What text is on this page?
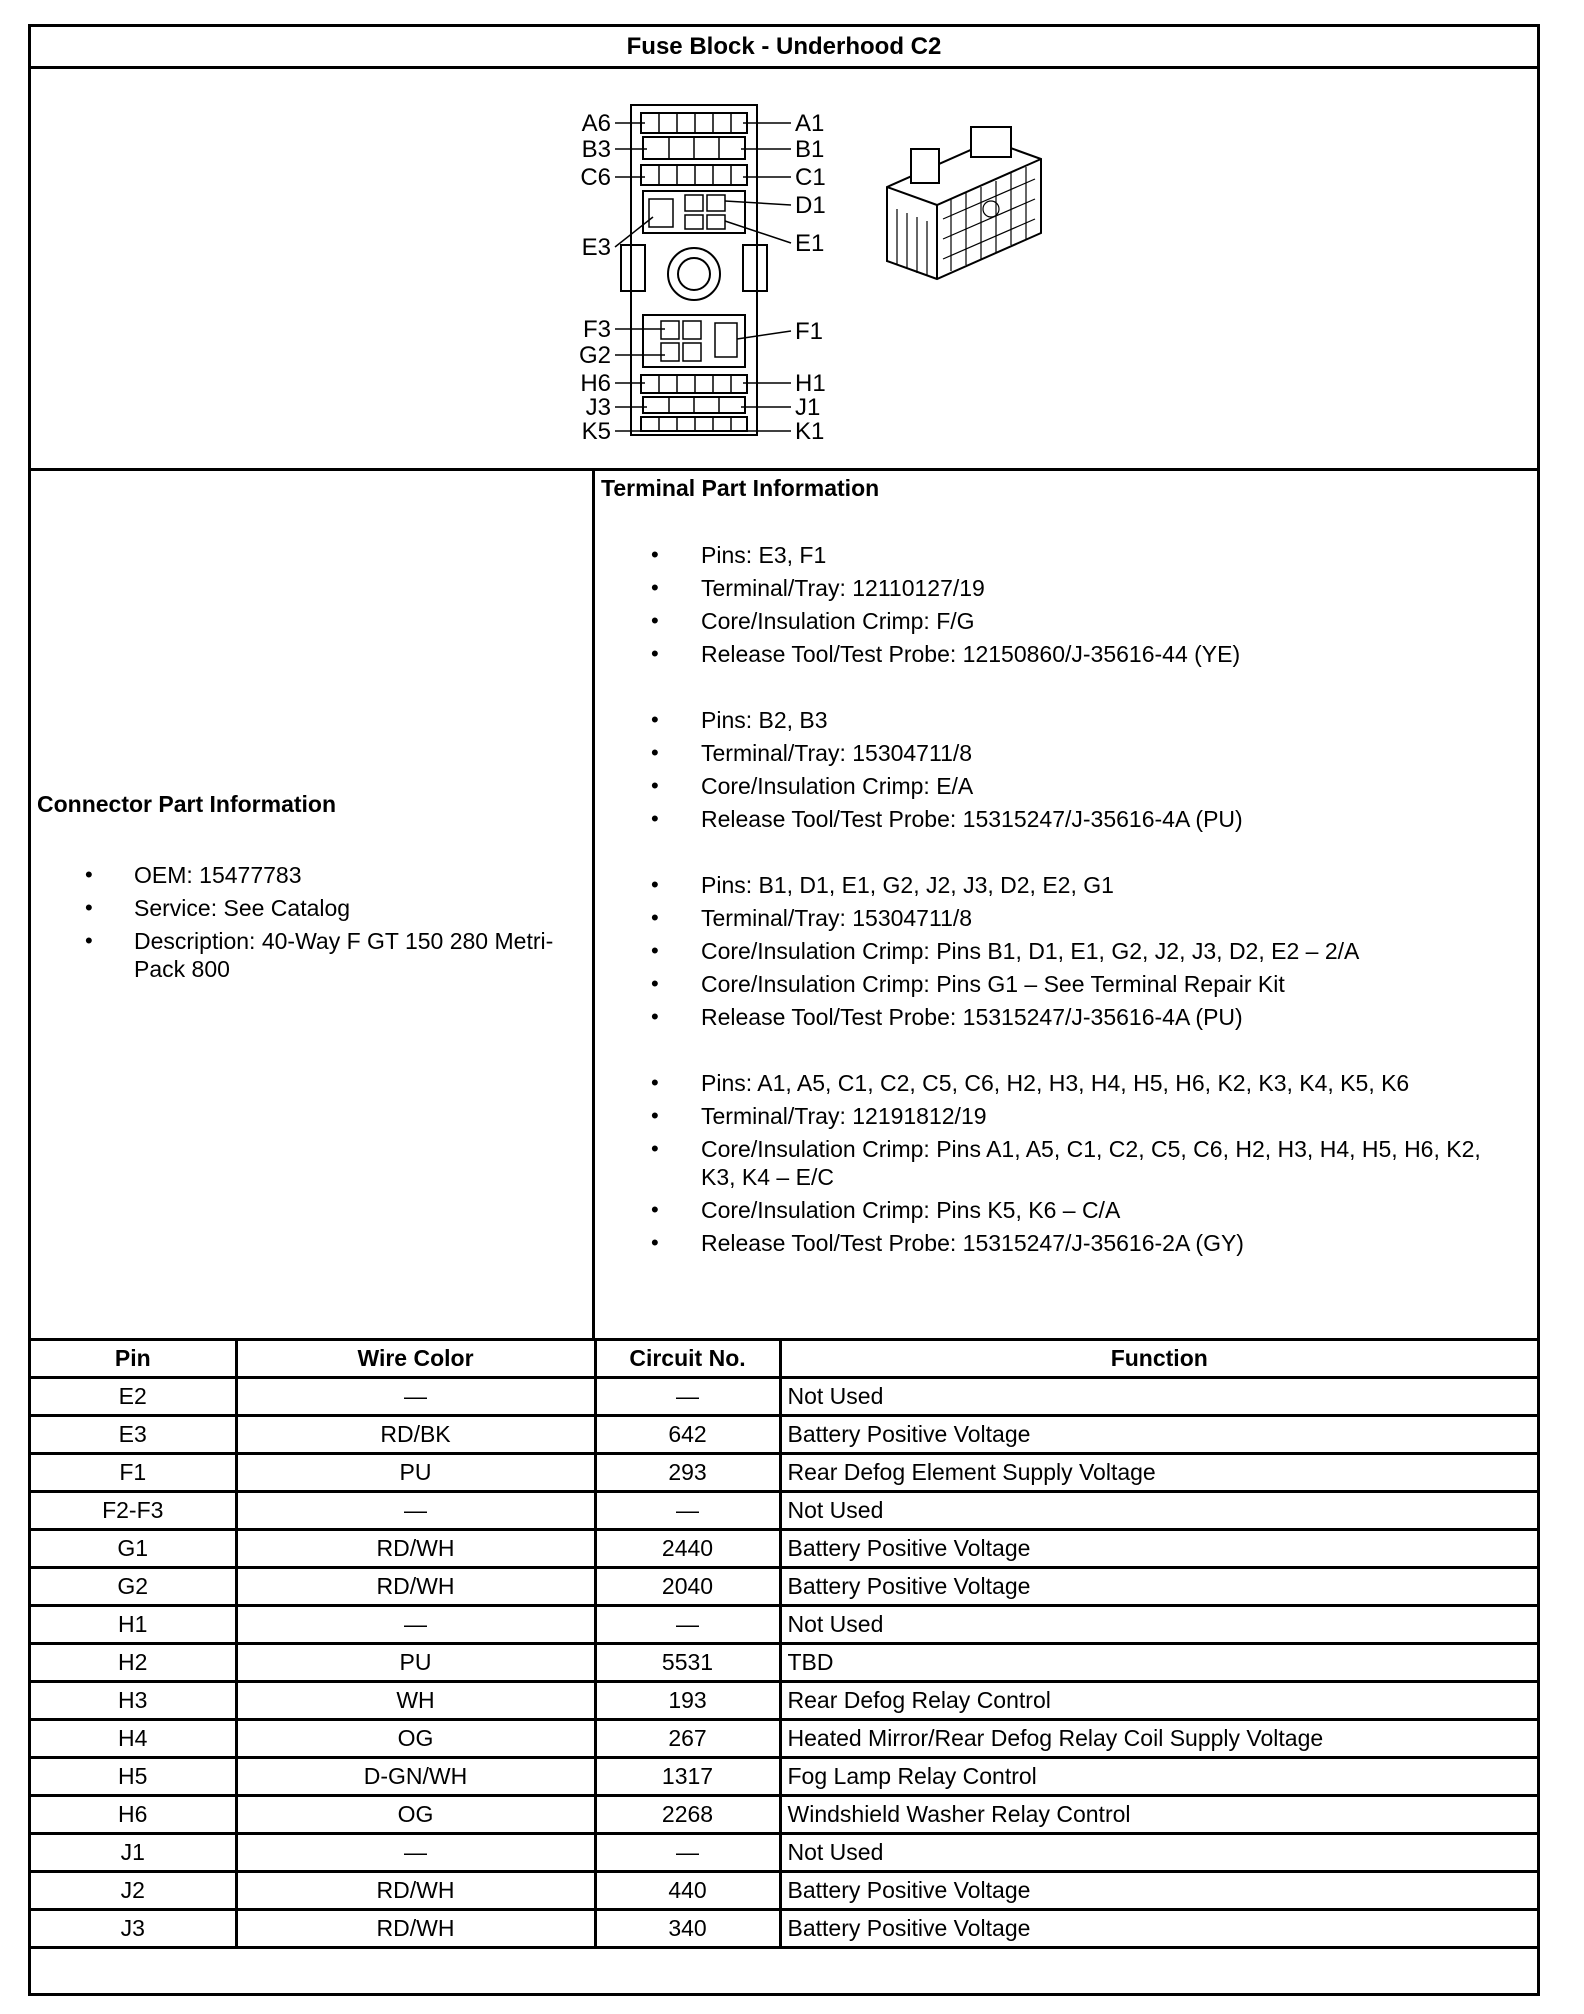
Fuse Block - Underhood C2
A6
B3
C6
E3
F3
G2
H6
J3
K5
A1
B1
C1
D1
E1
F1
H1
J1
K1
Connector Part Information
• OEM: 15477783
• Service: See Catalog
• Description: 40-Way F GT 150 280 Metri-Pack 800
Terminal Part Information
• Pins: E3, F1
• Terminal/Tray: 12110127/19
• Core/Insulation Crimp: F/G
• Release Tool/Test Probe: 12150860/J-35616-44 (YE)
• Pins: B2, B3
• Terminal/Tray: 15304711/8
• Core/Insulation Crimp: E/A
• Release Tool/Test Probe: 15315247/J-35616-4A (PU)
• Pins: B1, D1, E1, G2, J2, J3, D2, E2, G1
• Terminal/Tray: 15304711/8
• Core/Insulation Crimp: Pins B1, D1, E1, G2, J2, J3, D2, E2 – 2/A
• Core/Insulation Crimp: Pins G1 – See Terminal Repair Kit
• Release Tool/Test Probe: 15315247/J-35616-4A (PU)
• Pins: A1, A5, C1, C2, C5, C6, H2, H3, H4, H5, H6, K2, K3, K4, K5, K6
• Terminal/Tray: 12191812/19
• Core/Insulation Crimp: Pins A1, A5, C1, C2, C5, C6, H2, H3, H4, H5, H6, K2, K3, K4 – E/C
• Core/Insulation Crimp: Pins K5, K6 – C/A
• Release Tool/Test Probe: 15315247/J-35616-2A (GY)
Pin	Wire Color	Circuit No.	Function
E2	—	—	Not Used
E3	RD/BK	642	Battery Positive Voltage
F1	PU	293	Rear Defog Element Supply Voltage
F2-F3	—	—	Not Used
G1	RD/WH	2440	Battery Positive Voltage
G2	RD/WH	2040	Battery Positive Voltage
H1	—	—	Not Used
H2	PU	5531	TBD
H3	WH	193	Rear Defog Relay Control
H4	OG	267	Heated Mirror/Rear Defog Relay Coil Supply Voltage
H5	D-GN/WH	1317	Fog Lamp Relay Control
H6	OG	2268	Windshield Washer Relay Control
J1	—	—	Not Used
J2	RD/WH	440	Battery Positive Voltage
J3	RD/WH	340	Battery Positive Voltage
